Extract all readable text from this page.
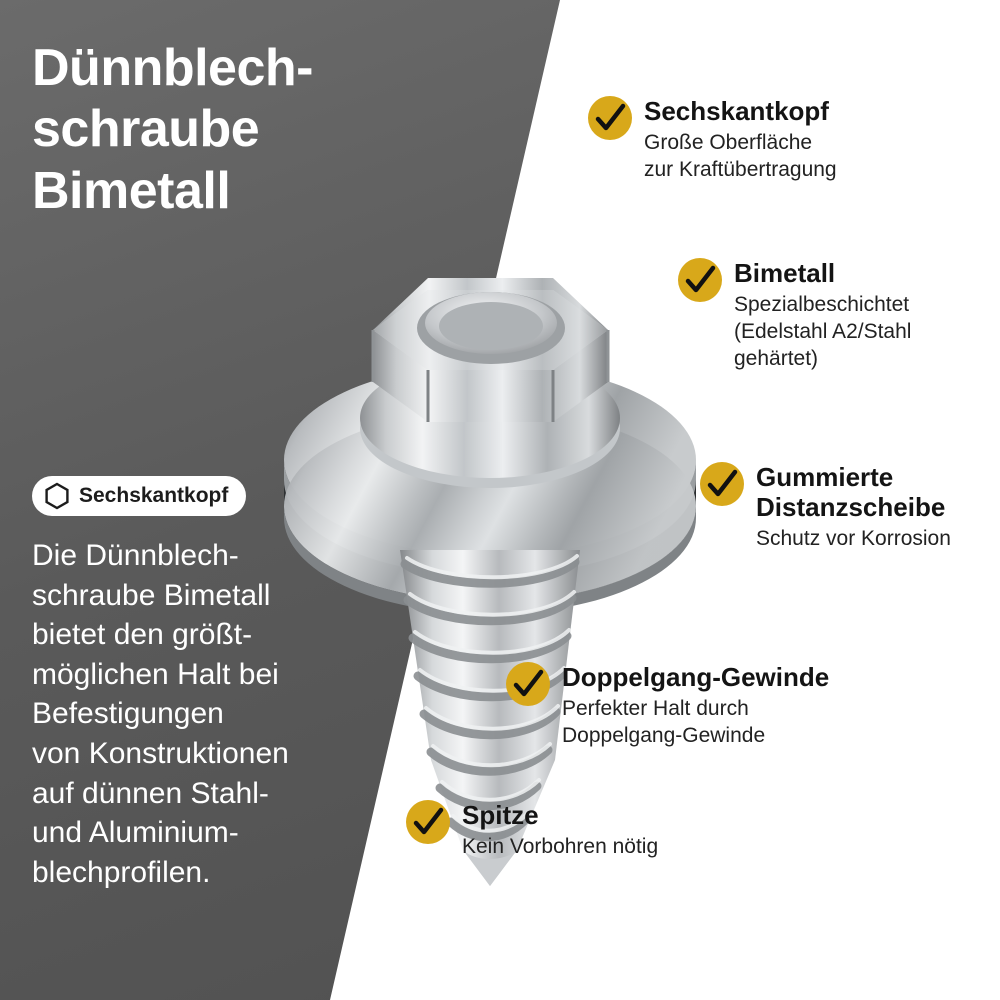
Dünnblech-
schraube
Bimetall
Sechskantkopf
Die Dünnblech-
schraube Bimetall
bietet den größt-
möglichen Halt bei
Befestigungen
von Konstruktionen
auf dünnen Stahl-
und Aluminium-
blechprofilen.
Sechskantkopf
Große Oberfläche
zur Kraftübertragung
Bimetall
Spezialbeschichtet
(Edelstahl A2/Stahl
gehärtet)
Gummierte
Distanzscheibe
Schutz vor Korrosion
Doppelgang-Gewinde
Perfekter Halt durch
Doppelgang-Gewinde
Spitze
Kein Vorbohren nötig
